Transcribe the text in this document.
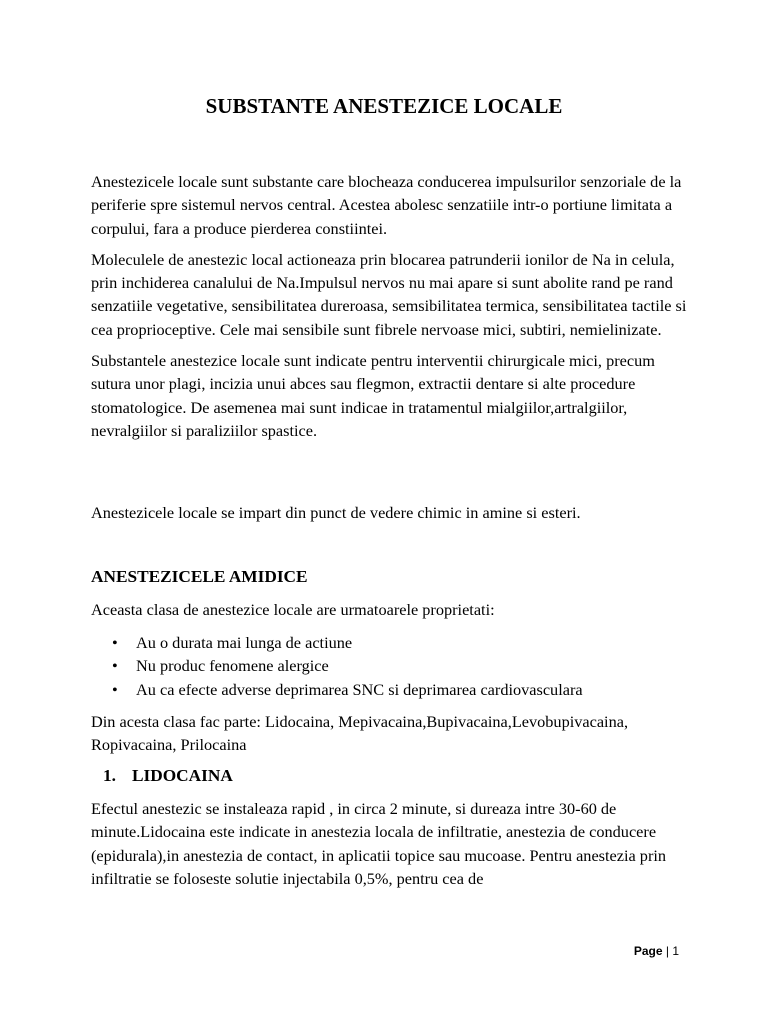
SUBSTANTE ANESTEZICE LOCALE

Anestezicele locale sunt substante care blocheaza conducerea impulsurilor senzoriale de la periferie spre sistemul nervos central. Acestea abolesc senzatiile intr-o portiune limitata a corpului, fara a produce pierderea constiintei.

Moleculele de anestezic local actioneaza prin blocarea patrunderii ionilor de Na in celula, prin inchiderea canalului de Na.Impulsul nervos nu mai apare si sunt abolite rand pe rand senzatiile vegetative, sensibilitatea dureroasa, semsibilitatea termica, sensibilitatea tactile si cea proprioceptive. Cele mai sensibile sunt fibrele nervoase mici, subtiri, nemielinizate.

Substantele anestezice locale sunt indicate pentru interventii chirurgicale mici, precum sutura unor plagi, incizia unui abces sau flegmon, extractii dentare si alte procedure stomatologice. De asemenea mai sunt indicae in tratamentul mialgiilor,artralgiilor, nevralgiilor si paraliziilor spastice.

Anestezicele locale se impart din punct de vedere chimic in amine si esteri.

ANESTEZICELE AMIDICE

Aceasta clasa de anestezice locale are urmatoarele proprietati:

• Au o durata mai lunga de actiune
• Nu produc fenomene alergice
• Au ca efecte adverse deprimarea SNC si deprimarea cardiovasculara

Din acesta clasa fac parte: Lidocaina, Mepivacaina,Bupivacaina,Levobupivacaina, Ropivacaina, Prilocaina

1. LIDOCAINA

Efectul anestezic se instaleaza rapid , in circa 2 minute, si dureaza intre 30-60 de minute.Lidocaina este indicate in anestezia locala de infiltratie, anestezia de conducere (epidurala),in anestezia de contact, in aplicatii topice sau mucoase. Pentru anestezia prin infiltratie se foloseste solutie injectabila 0,5%, pentru cea de

Page | 1
